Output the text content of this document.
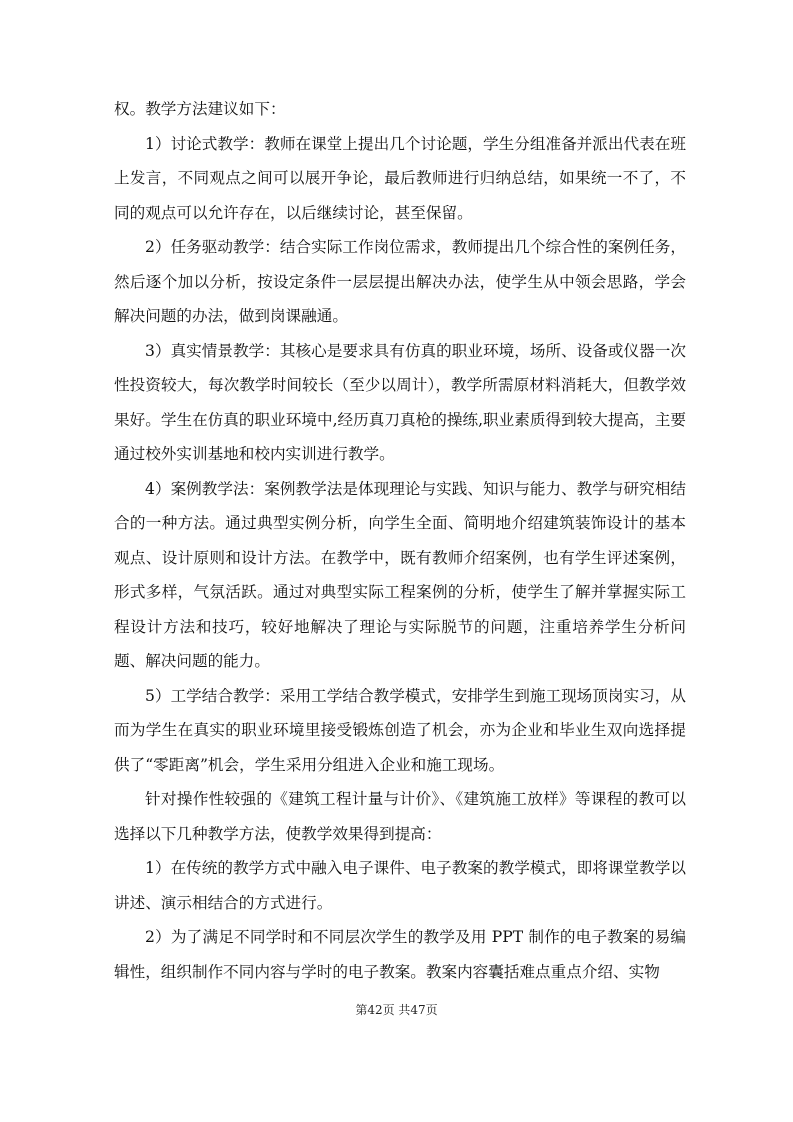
权。教学方法建议如下：

1）讨论式教学：教师在课堂上提出几个讨论题，学生分组准备并派出代表在班上发言，不同观点之间可以展开争论，最后教师进行归纳总结，如果统一不了，不同的观点可以允许存在，以后继续讨论，甚至保留。

2）任务驱动教学：结合实际工作岗位需求，教师提出几个综合性的案例任务，然后逐个加以分析，按设定条件一层层提出解决办法，使学生从中领会思路，学会解决问题的办法，做到岗课融通。

3）真实情景教学：其核心是要求具有仿真的职业环境，场所、设备或仪器一次性投资较大，每次教学时间较长（至少以周计），教学所需原材料消耗大，但教学效果好。学生在仿真的职业环境中,经历真刀真枪的操练,职业素质得到较大提高，主要通过校外实训基地和校内实训进行教学。

4）案例教学法：案例教学法是体现理论与实践、知识与能力、教学与研究相结合的一种方法。通过典型实例分析，向学生全面、简明地介绍建筑装饰设计的基本观点、设计原则和设计方法。在教学中，既有教师介绍案例，也有学生评述案例，形式多样，气氛活跃。通过对典型实际工程案例的分析，使学生了解并掌握实际工程设计方法和技巧，较好地解决了理论与实际脱节的问题，注重培养学生分析问题、解决问题的能力。

5）工学结合教学：采用工学结合教学模式，安排学生到施工现场顶岗实习，从而为学生在真实的职业环境里接受锻炼创造了机会，亦为企业和毕业生双向选择提供了“零距离”机会，学生采用分组进入企业和施工现场。

针对操作性较强的《建筑工程计量与计价》、《建筑施工放样》等课程的教可以选择以下几种教学方法，使教学效果得到提高：

1）在传统的教学方式中融入电子课件、电子教案的教学模式，即将课堂教学以讲述、演示相结合的方式进行。

2）为了满足不同学时和不同层次学生的教学及用 PPT 制作的电子教案的易编辑性，组织制作不同内容与学时的电子教案。教案内容囊括难点重点介绍、实物

第42页 共47页
